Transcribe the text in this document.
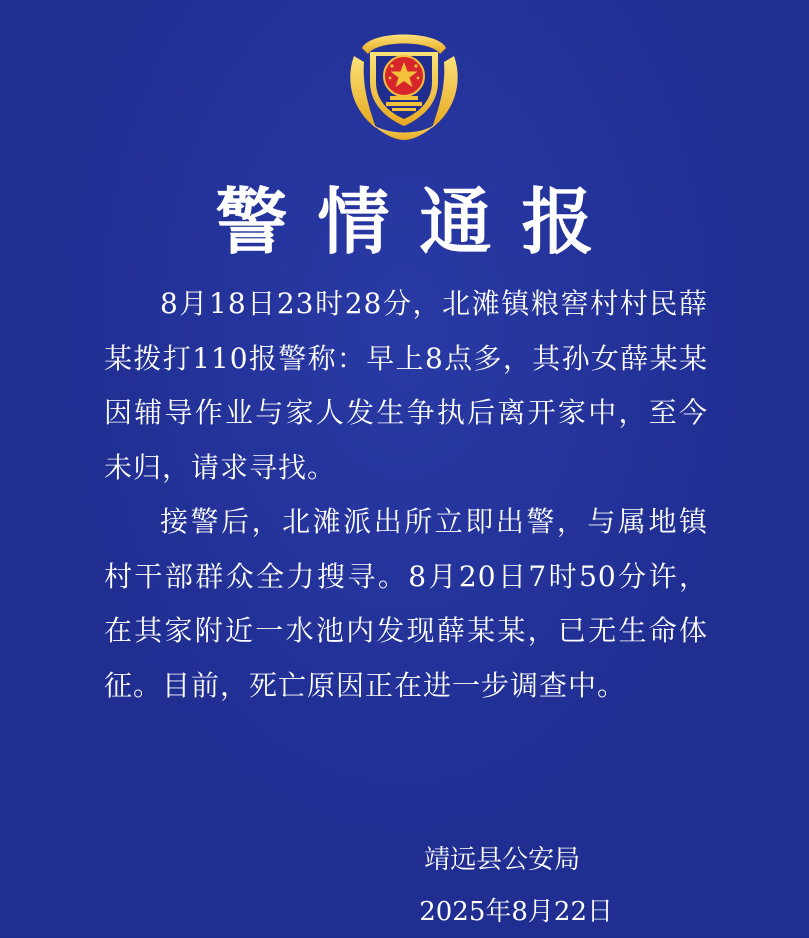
警情通报

8月18日23时28分，北滩镇粮窖村村民薛某拨打110报警称：早上8点多，其孙女薛某某因辅导作业与家人发生争执后离开家中，至今未归，请求寻找。

接警后，北滩派出所立即出警，与属地镇村干部群众全力搜寻。8月20日7时50分许，在其家附近一水池内发现薛某某，已无生命体征。目前，死亡原因正在进一步调查中。

靖远县公安局
2025年8月22日
